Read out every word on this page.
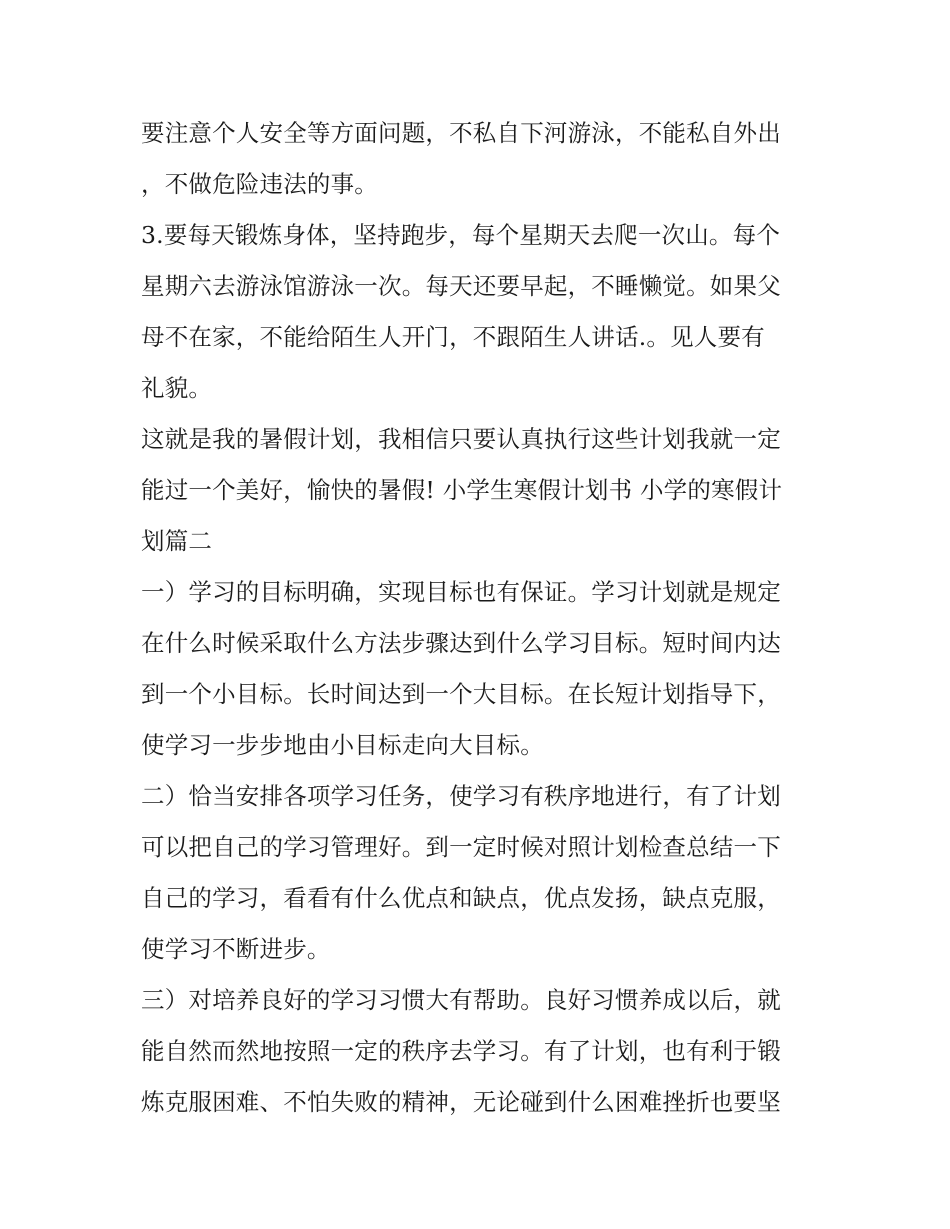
要注意个人安全等方面问题，不私自下河游泳，不能私自外出
，不做危险违法的事。

3.要每天锻炼身体，坚持跑步，每个星期天去爬一次山。每个
星期六去游泳馆游泳一次。每天还要早起，不睡懒觉。如果父
母不在家，不能给陌生人开门，不跟陌生人讲话.。见人要有
礼貌。

这就是我的暑假计划，我相信只要认真执行这些计划我就一定
能过一个美好，愉快的暑假! 小学生寒假计划书 小学的寒假计
划篇二

一）学习的目标明确，实现目标也有保证。学习计划就是规定
在什么时候采取什么方法步骤达到什么学习目标。短时间内达
到一个小目标。长时间达到一个大目标。在长短计划指导下，
使学习一步步地由小目标走向大目标。

二）恰当安排各项学习任务，使学习有秩序地进行，有了计划
可以把自己的学习管理好。到一定时候对照计划检查总结一下
自己的学习，看看有什么优点和缺点，优点发扬，缺点克服，
使学习不断进步。

三）对培养良好的学习习惯大有帮助。良好习惯养成以后，就
能自然而然地按照一定的秩序去学习。有了计划，也有利于锻
炼克服困难、不怕失败的精神，无论碰到什么困难挫折也要坚
